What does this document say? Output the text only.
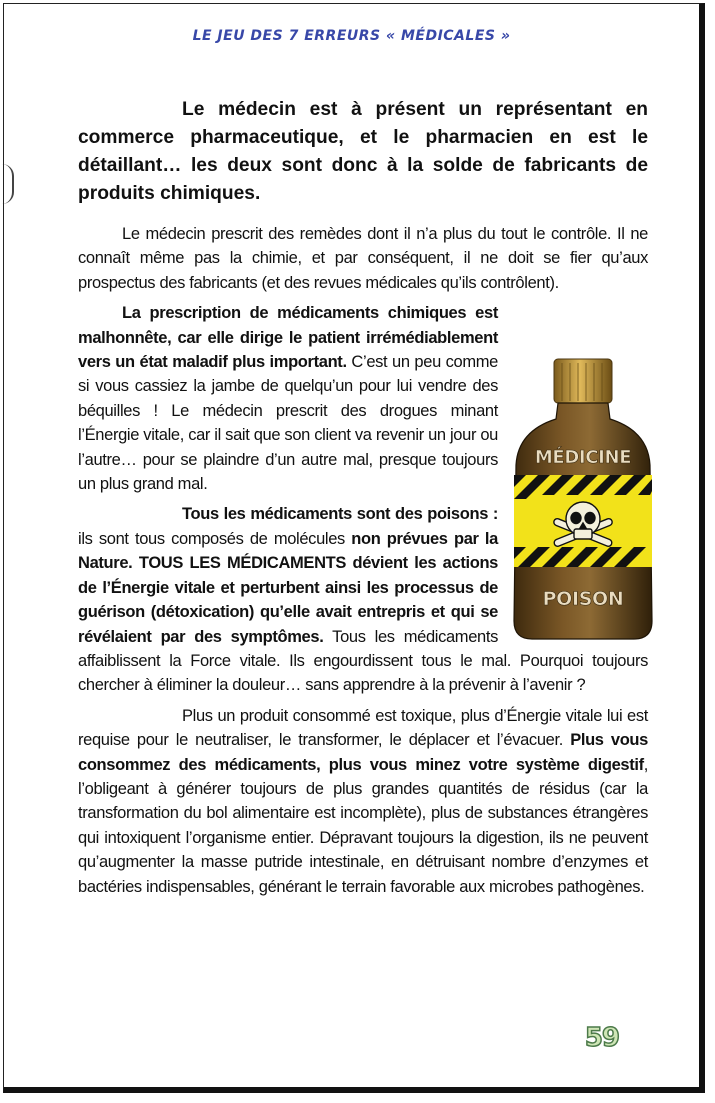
LE JEU DES 7 ERREURS « MÉDICALES »

Le médecin est à présent un représentant en commerce pharmaceutique, et le pharmacien en est le détaillant… les deux sont donc à la solde de fabricants de produits chimiques.

Le médecin prescrit des remèdes dont il n’a plus du tout le contrôle. Il ne connaît même pas la chimie, et par conséquent, il ne doit se fier qu’aux prospectus des fabricants (et des revues médicales qu’ils contrôlent).

MÉDICINE
POISON

La prescription de médicaments chimiques est malhonnête, car elle dirige le patient irrémédiablement vers un état maladif plus important. C’est un peu comme si vous cassiez la jambe de quelqu’un pour lui vendre des béquilles ! Le médecin prescrit des drogues minant l’Énergie vitale, car il sait que son client va revenir un jour ou l’autre… pour se plaindre d’un autre mal, presque toujours un plus grand mal.

Tous les médicaments sont des poisons : ils sont tous composés de molécules non prévues par la Nature. TOUS LES MÉDICAMENTS dévient les actions de l’Énergie vitale et perturbent ainsi les processus de guérison (détoxication) qu’elle avait entrepris et qui se révélaient par des symptômes. Tous les médicaments affaiblissent la Force vitale. Ils engourdissent tous le mal. Pourquoi toujours chercher à éliminer la douleur… sans apprendre à la prévenir à l’avenir ?

Plus un produit consommé est toxique, plus d’Énergie vitale lui est requise pour le neutraliser, le transformer, le déplacer et l’évacuer. Plus vous consommez des médicaments, plus vous minez votre système digestif, l’obligeant à générer toujours de plus grandes quantités de résidus (car la transformation du bol alimentaire est incomplète), plus de substances étrangères qui intoxiquent l’organisme entier. Dépravant toujours la digestion, ils ne peuvent qu’augmenter la masse putride intestinale, en détruisant nombre d’enzymes et bactéries indispensables, générant le terrain favorable aux microbes pathogènes.

59
